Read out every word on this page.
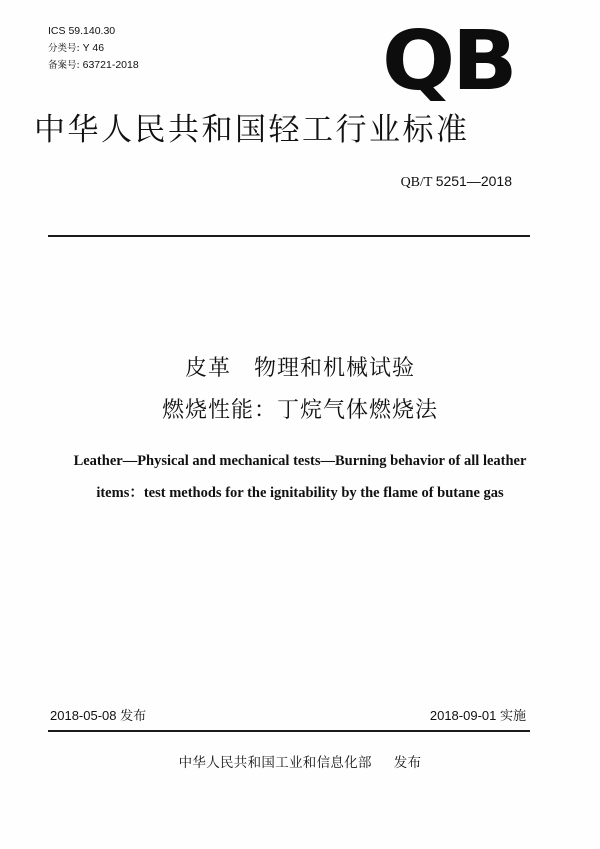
ICS 59.140.30
分类号: Y 46
备案号: 63721-2018	QB
中华人民共和国轻工行业标准
QB/T 5251—2018
皮革　物理和机械试验
燃烧性能：丁烷气体燃烧法
Leather—Physical and mechanical tests—Burning behavior of all leather
items：test methods for the ignitability by the flame of butane gas
2018-05-08 发布	2018-09-01 实施
中华人民共和国工业和信息化部 发布
